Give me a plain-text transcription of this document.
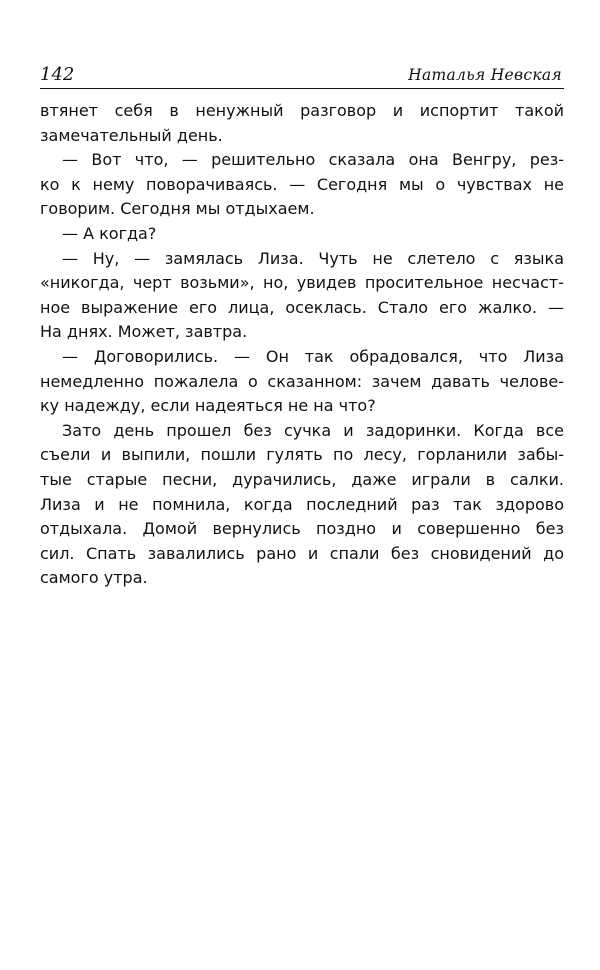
142	Наталья Невская
втянет себя в ненужный разговор и испортит такой
замечательный день.
— Вот что, — решительно сказала она Венгру, рез-
ко к нему поворачиваясь. — Сегодня мы о чувствах не
говорим. Сегодня мы отдыхаем.
— А когда?
— Ну, — замялась Лиза. Чуть не слетело с языка
«никогда, черт возьми», но, увидев просительное несчаст-
ное выражение его лица, осеклась. Стало его жалко. —
На днях. Может, завтра.
— Договорились. — Он так обрадовался, что Лиза
немедленно пожалела о сказанном: зачем давать челове-
ку надежду, если надеяться не на что?
Зато день прошел без сучка и задоринки. Когда все
съели и выпили, пошли гулять по лесу, горланили забы-
тые старые песни, дурачились, даже играли в салки.
Лиза и не помнила, когда последний раз так здорово
отдыхала. Домой вернулись поздно и совершенно без
сил. Спать завалились рано и спали без сновидений до
самого утра.
